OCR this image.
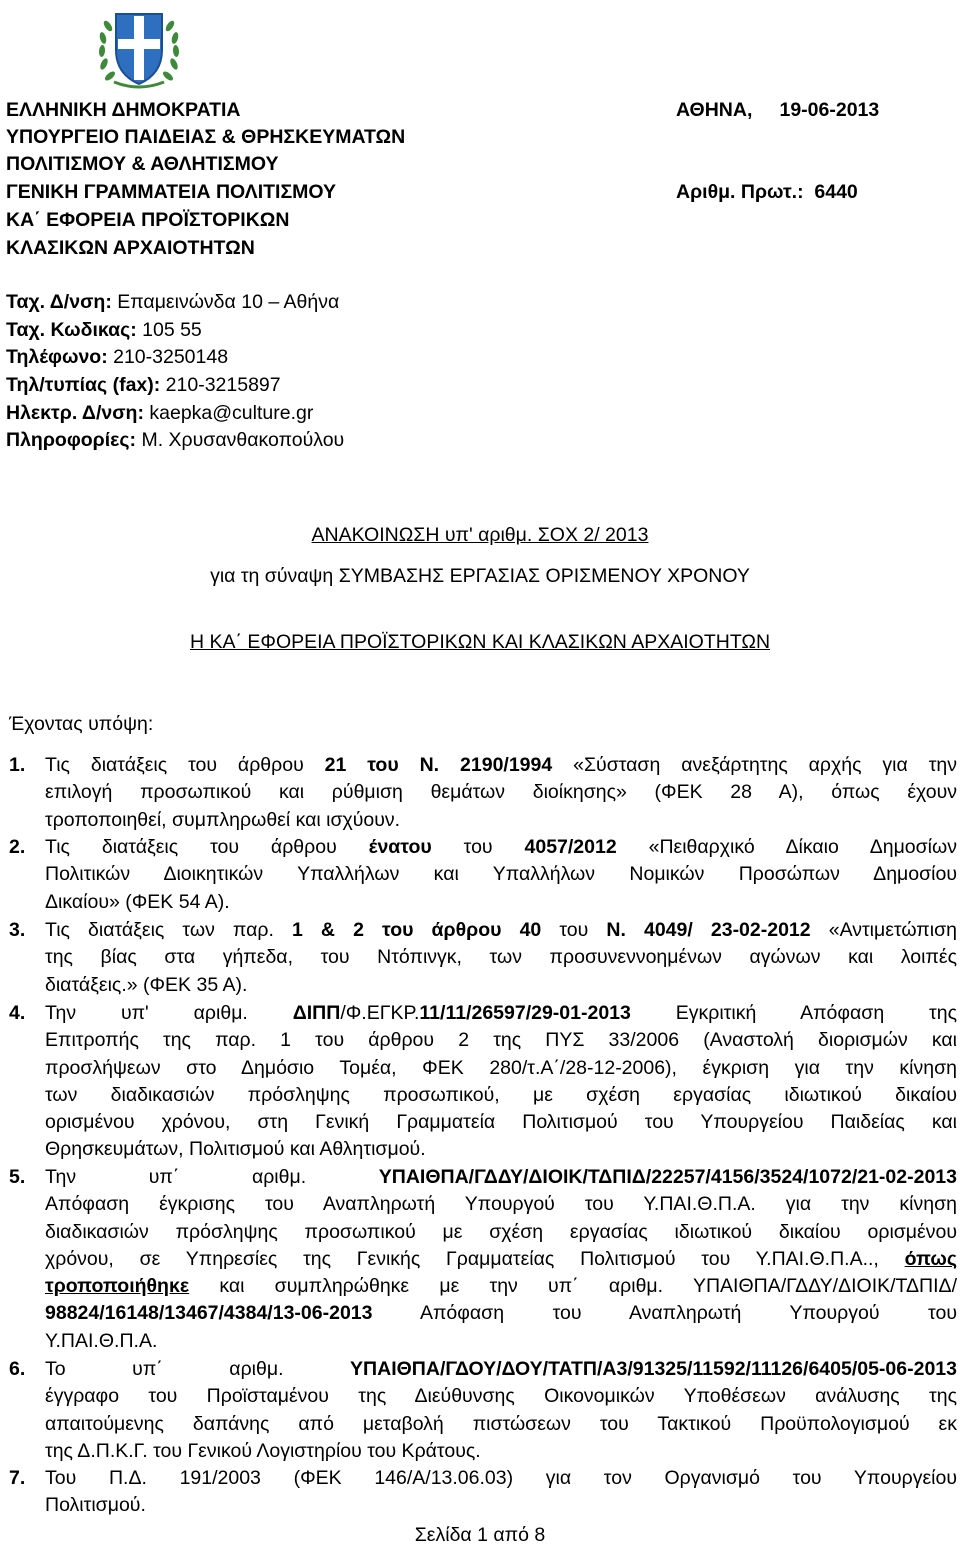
ΕΛΛΗΝΙΚΗ ΔΗΜΟΚΡΑΤΙΑ
ΥΠΟΥΡΓΕΙΟ ΠΑΙΔΕΙΑΣ & ΘΡΗΣΚΕΥΜΑΤΩΝ
ΠΟΛΙΤΙΣΜΟΥ & ΑΘΛΗΤΙΣΜΟΥ
ΓΕΝΙΚΗ ΓΡΑΜΜΑΤΕΙΑ ΠΟΛΙΤΙΣΜΟΥ
ΚΑ΄ ΕΦΟΡΕΙΑ ΠΡΟΪΣΤΟΡΙΚΩΝ
ΚΛΑΣΙΚΩΝ ΑΡΧΑΙΟΤΗΤΩΝ
ΑΘΗΝΑ,     19-06-2013
Αριθμ. Πρωτ.:  6440
Ταχ. Δ/νση: Επαμεινώνδα 10 – Αθήνα
Ταχ. Κωδικας: 105 55
Τηλέφωνο: 210-3250148
Τηλ/τυπίας (fax): 210-3215897
Ηλεκτρ. Δ/νση: kaepka@culture.gr
Πληροφορίες: Μ. Χρυσανθακοπούλου
ΑΝΑΚΟΙΝΩΣΗ υπ' αριθμ. ΣΟΧ 2/ 2013
για τη σύναψη ΣΥΜΒΑΣΗΣ ΕΡΓΑΣΙΑΣ ΟΡΙΣΜΕΝΟΥ ΧΡΟΝΟΥ
Η ΚΑ΄ ΕΦΟΡΕΙΑ ΠΡΟΪΣΤΟΡΙΚΩΝ ΚΑΙ ΚΛΑΣΙΚΩΝ ΑΡΧΑΙΟΤΗΤΩΝ
Έχοντας υπόψη:
1. Τις διατάξεις του άρθρου 21 του Ν. 2190/1994 «Σύσταση ανεξάρτητης αρχής για την
επιλογή προσωπικού και ρύθμιση θεμάτων διοίκησης» (ΦΕΚ 28 Α), όπως έχουν
τροποποιηθεί, συμπληρωθεί και ισχύουν.
2. Τις διατάξεις του άρθρου ένατου του 4057/2012 «Πειθαρχικό Δίκαιο Δημοσίων
Πολιτικών Διοικητικών Υπαλλήλων και Υπαλλήλων Νομικών Προσώπων Δημοσίου
Δικαίου» (ΦΕΚ 54 Α).
3. Τις διατάξεις των παρ. 1 & 2 του άρθρου 40 του Ν. 4049/ 23-02-2012 «Αντιμετώπιση
της βίας στα γήπεδα, του Ντόπινγκ, των προσυνεννοημένων αγώνων και λοιπές
διατάξεις.» (ΦΕΚ 35 Α).
4. Την υπ' αριθμ. ΔΙΠΠ/Φ.ΕΓΚΡ.11/11/26597/29-01-2013 Εγκριτική Απόφαση της
Επιτροπής της παρ. 1 του άρθρου 2 της ΠΥΣ 33/2006 (Αναστολή διορισμών και
προσλήψεων στο Δημόσιο Τομέα, ΦΕΚ 280/τ.Α΄/28-12-2006), έγκριση για την κίνηση
των διαδικασιών πρόσληψης προσωπικού, με σχέση εργασίας ιδιωτικού δικαίου
ορισμένου χρόνου, στη Γενική Γραμματεία Πολιτισμού του Υπουργείου Παιδείας και
Θρησκευμάτων, Πολιτισμού και Αθλητισμού.
5. Την υπ΄ αριθμ. ΥΠΑΙΘΠΑ/ΓΔΔΥ/ΔΙΟΙΚ/ΤΔΠΙΔ/22257/4156/3524/1072/21-02-2013
Απόφαση έγκρισης του Αναπληρωτή Υπουργού του Υ.ΠΑΙ.Θ.Π.Α. για την κίνηση
διαδικασιών πρόσληψης προσωπικού με σχέση εργασίας ιδιωτικού δικαίου ορισμένου
χρόνου, σε Υπηρεσίες της Γενικής Γραμματείας Πολιτισμού του Υ.ΠΑΙ.Θ.Π.Α.., όπως
τροποποιήθηκε και συμπληρώθηκε με την υπ΄ αριθμ. ΥΠΑΙΘΠΑ/ΓΔΔΥ/ΔΙΟΙΚ/ΤΔΠΙΔ/
98824/16148/13467/4384/13-06-2013 Απόφαση του Αναπληρωτή Υπουργού του
Υ.ΠΑΙ.Θ.Π.Α.
6. Το υπ΄ αριθμ. ΥΠΑΙΘΠΑ/ΓΔΟΥ/ΔΟΥ/ΤΑΤΠ/Α3/91325/11592/11126/6405/05-06-2013
έγγραφο του Προϊσταμένου της Διεύθυνσης Οικονομικών Υποθέσεων ανάλυσης της
απαιτούμενης δαπάνης από μεταβολή πιστώσεων του Τακτικού Προϋπολογισμού εκ
της Δ.Π.Κ.Γ. του Γενικού Λογιστηρίου του Κράτους.
7. Του Π.Δ. 191/2003 (ΦΕΚ 146/Α/13.06.03) για τον Οργανισμό του Υπουργείου
Πολιτισμού.
Σελίδα 1 από 8
